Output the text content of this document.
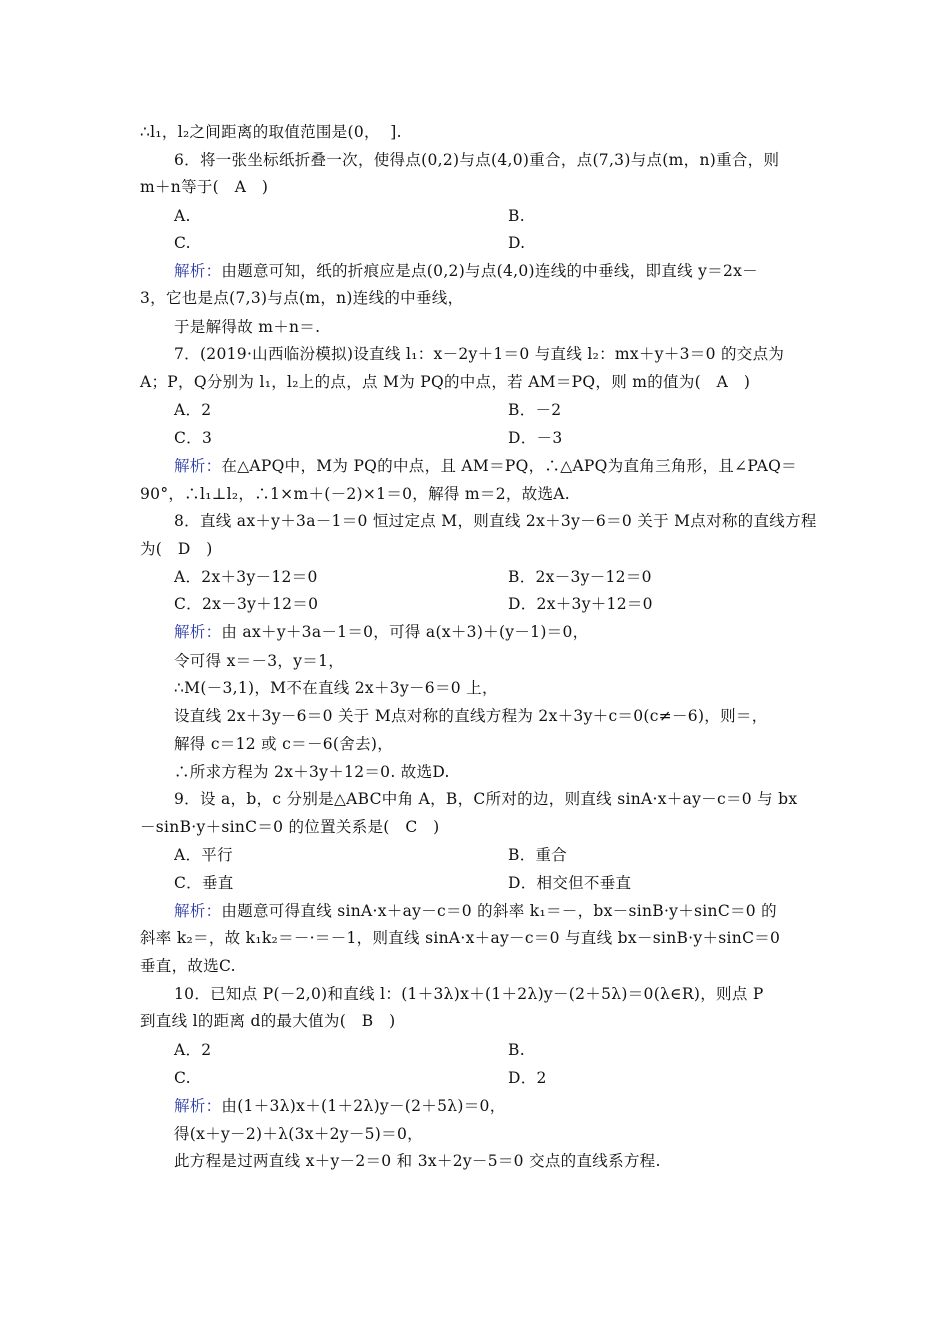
∴l₁，l₂之间距离的取值范围是(0，  ].
6．将一张坐标纸折叠一次，使得点(0,2)与点(4,0)重合，点(7,3)与点(m，n)重合，则
m＋n等于(   A   )
A.	B.
C.	D.
解析：由题意可知，纸的折痕应是点(0,2)与点(4,0)连线的中垂线，即直线 y＝2x－
3，它也是点(7,3)与点(m，n)连线的中垂线，
于是解得故 m＋n＝.
7．(2019·山西临汾模拟)设直线 l₁：x－2y＋1＝0 与直线 l₂：mx＋y＋3＝0 的交点为
A；P，Q分别为 l₁，l₂上的点，点 M为 PQ的中点，若 AM＝PQ，则 m的值为(   A   )
A．2	B．－2
C．3	D．－3
解析：在△APQ中，M为 PQ的中点，且 AM＝PQ，∴△APQ为直角三角形，且∠PAQ＝
90°，∴l₁⊥l₂，∴1×m＋(－2)×1＝0，解得 m＝2，故选A.
8．直线 ax＋y＋3a－1＝0 恒过定点 M，则直线 2x＋3y－6＝0 关于 M点对称的直线方程
为(   D   )
A．2x＋3y－12＝0	B．2x－3y－12＝0
C．2x－3y＋12＝0	D．2x＋3y＋12＝0
解析：由 ax＋y＋3a－1＝0，可得 a(x＋3)＋(y－1)＝0，
令可得 x＝－3，y＝1，
∴M(－3,1)，M不在直线 2x＋3y－6＝0 上，
设直线 2x＋3y－6＝0 关于 M点对称的直线方程为 2x＋3y＋c＝0(c≠－6)，则＝，
解得 c＝12 或 c＝－6(舍去)，
∴所求方程为 2x＋3y＋12＝0. 故选D.
9．设 a，b，c 分别是△ABC中角 A，B，C所对的边，则直线 sinA·x＋ay－c＝0 与 bx
－sinB·y＋sinC＝0 的位置关系是(   C   )
A．平行	B．重合
C．垂直	D．相交但不垂直
解析：由题意可得直线 sinA·x＋ay－c＝0 的斜率 k₁＝－，bx－sinB·y＋sinC＝0 的
斜率 k₂＝，故 k₁k₂＝－·＝－1，则直线 sinA·x＋ay－c＝0 与直线 bx－sinB·y＋sinC＝0
垂直，故选C.
10．已知点 P(－2,0)和直线 l：(1＋3λ)x＋(1＋2λ)y－(2＋5λ)＝0(λ∈R)，则点 P
到直线 l的距离 d的最大值为(   B   )
A．2	B.
C.	D．2
解析：由(1＋3λ)x＋(1＋2λ)y－(2＋5λ)＝0，
得(x＋y－2)＋λ(3x＋2y－5)＝0，
此方程是过两直线 x＋y－2＝0 和 3x＋2y－5＝0 交点的直线系方程.
